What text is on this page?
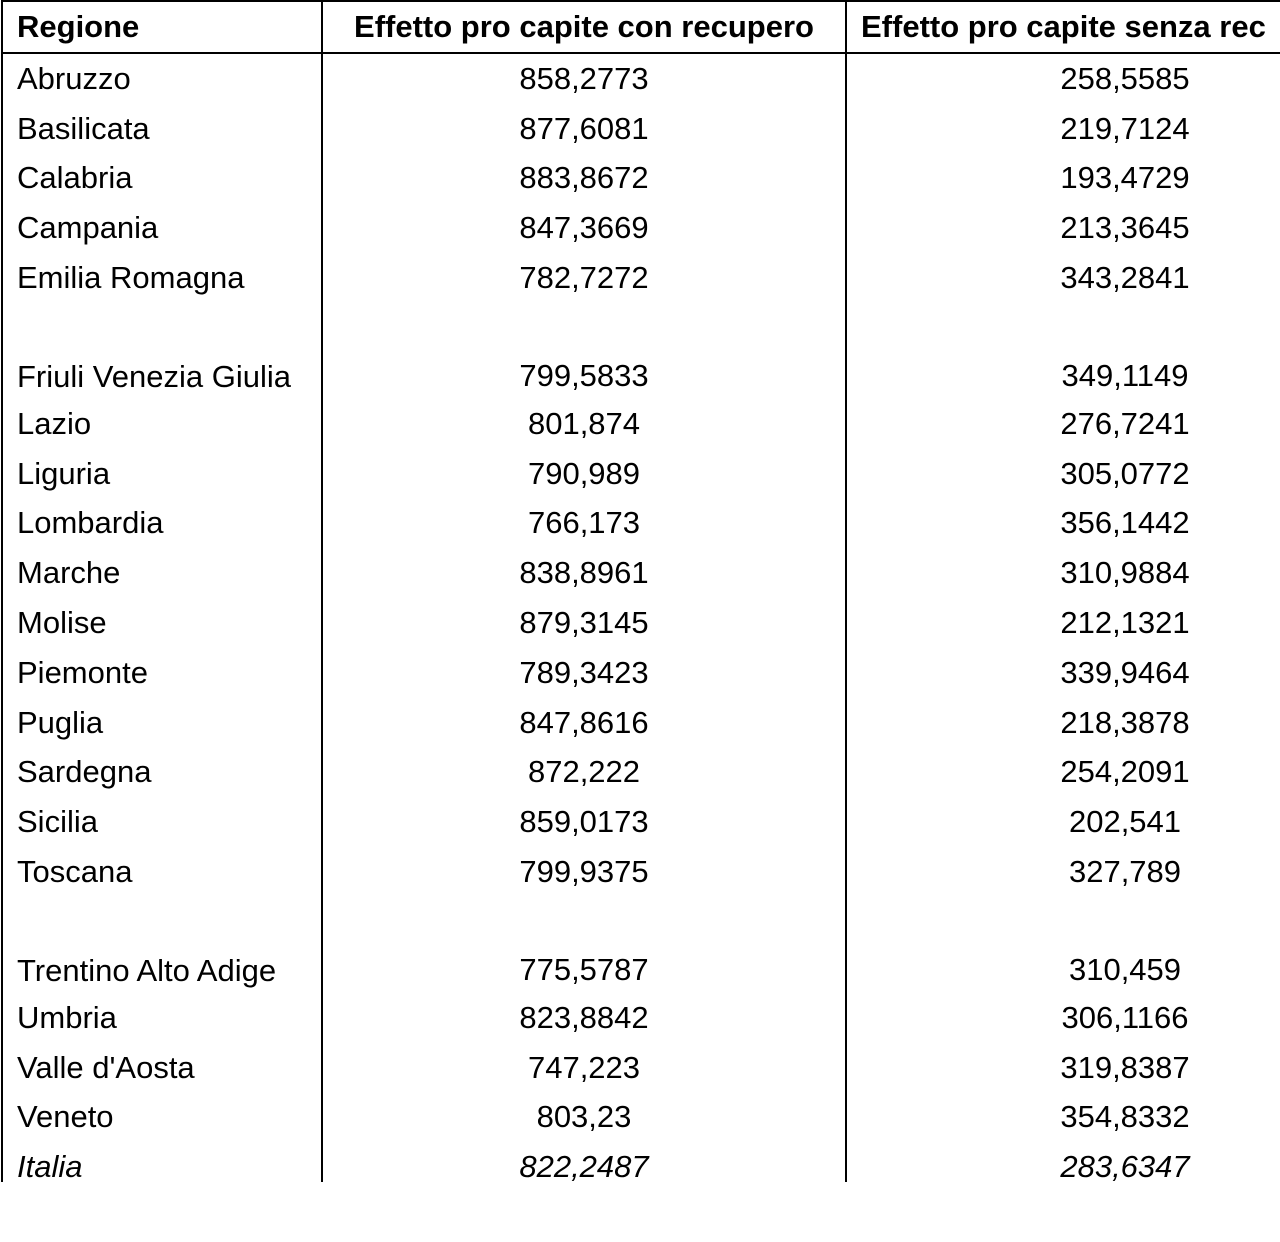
Regione	Effetto pro capite con recupero	Effetto pro capite senza rec
Abruzzo	858,2773	258,5585
Basilicata	877,6081	219,7124
Calabria	883,8672	193,4729
Campania	847,3669	213,3645
Emilia Romagna	782,7272	343,2841
Friuli Venezia Giulia	799,5833	349,1149
Lazio	801,874	276,7241
Liguria	790,989	305,0772
Lombardia	766,173	356,1442
Marche	838,8961	310,9884
Molise	879,3145	212,1321
Piemonte	789,3423	339,9464
Puglia	847,8616	218,3878
Sardegna	872,222	254,2091
Sicilia	859,0173	202,541
Toscana	799,9375	327,789
Trentino Alto Adige	775,5787	310,459
Umbria	823,8842	306,1166
Valle d'Aosta	747,223	319,8387
Veneto	803,23	354,8332
Italia	822,2487	283,6347
